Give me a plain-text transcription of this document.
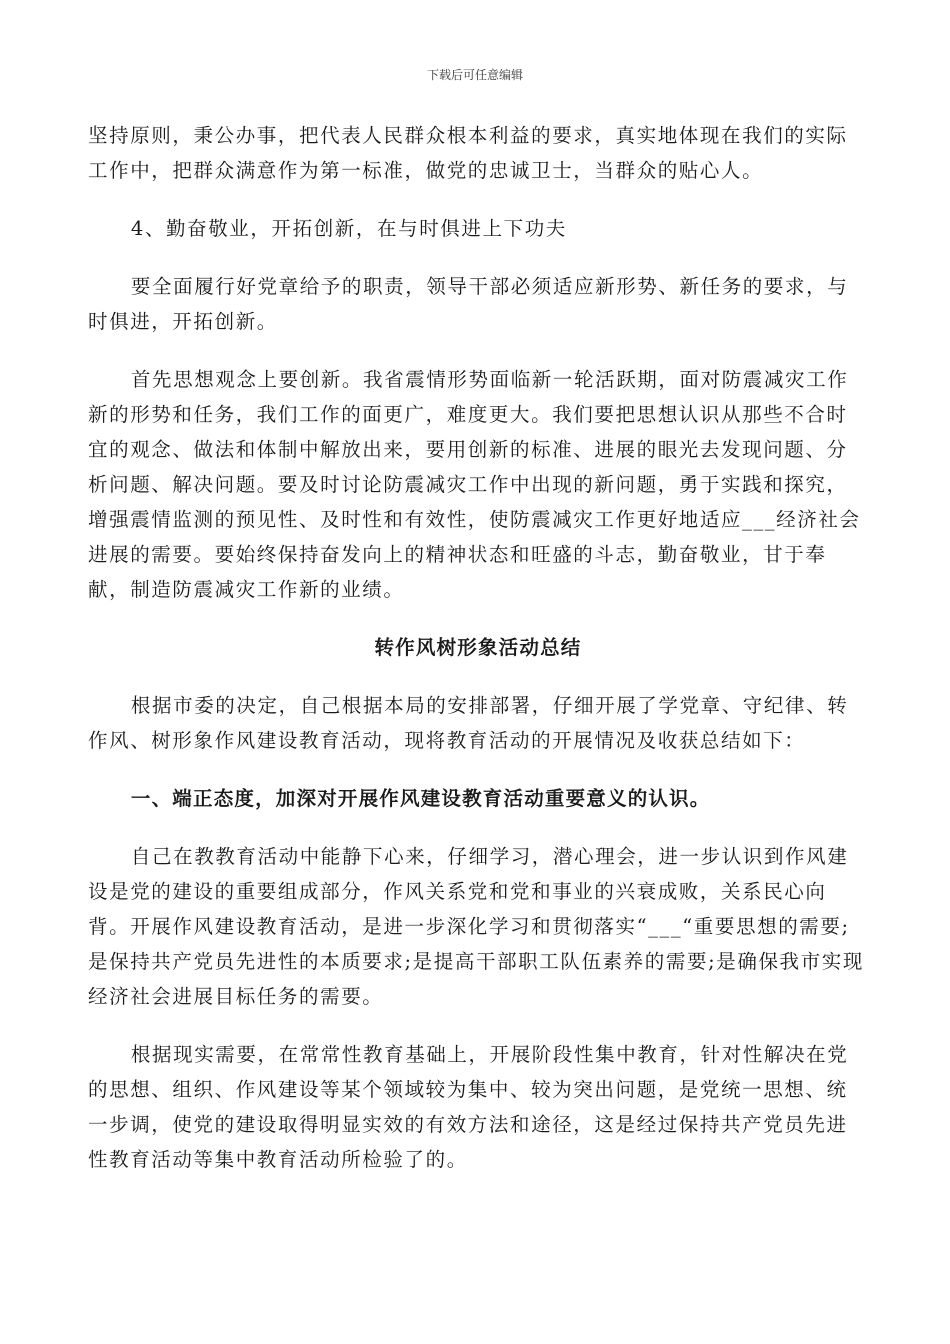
下载后可任意编辑

坚持原则，秉公办事，把代表人民群众根本利益的要求，真实地体现在我们的实际工作中，把群众满意作为第一标准，做党的忠诚卫士，当群众的贴心人。

4、勤奋敬业，开拓创新，在与时俱进上下功夫

要全面履行好党章给予的职责，领导干部必须适应新形势、新任务的要求，与时俱进，开拓创新。

首先思想观念上要创新。我省震情形势面临新一轮活跃期，面对防震减灾工作新的形势和任务，我们工作的面更广，难度更大。我们要把思想认识从那些不合时宜的观念、做法和体制中解放出来，要用创新的标准、进展的眼光去发现问题、分析问题、解决问题。要及时讨论防震减灾工作中出现的新问题，勇于实践和探究，增强震情监测的预见性、及时性和有效性，使防震减灾工作更好地适应___经济社会进展的需要。要始终保持奋发向上的精神状态和旺盛的斗志，勤奋敬业，甘于奉献，制造防震减灾工作新的业绩。

转作风树形象活动总结

根据市委的决定，自己根据本局的安排部署，仔细开展了学党章、守纪律、转作风、树形象作风建设教育活动，现将教育活动的开展情况及收获总结如下：

一、端正态度，加深对开展作风建设教育活动重要意义的认识。

自己在教教育活动中能静下心来，仔细学习，潜心理会，进一步认识到作风建设是党的建设的重要组成部分，作风关系党和党和事业的兴衰成败，关系民心向背。开展作风建设教育活动，是进一步深化学习和贯彻落实“___“重要思想的需要;是保持共产党员先进性的本质要求;是提高干部职工队伍素养的需要;是确保我市实现经济社会进展目标任务的需要。

根据现实需要，在常常性教育基础上，开展阶段性集中教育，针对性解决在党的思想、组织、作风建设等某个领域较为集中、较为突出问题，是党统一思想、统一步调，使党的建设取得明显实效的有效方法和途径，这是经过保持共产党员先进性教育活动等集中教育活动所检验了的。
